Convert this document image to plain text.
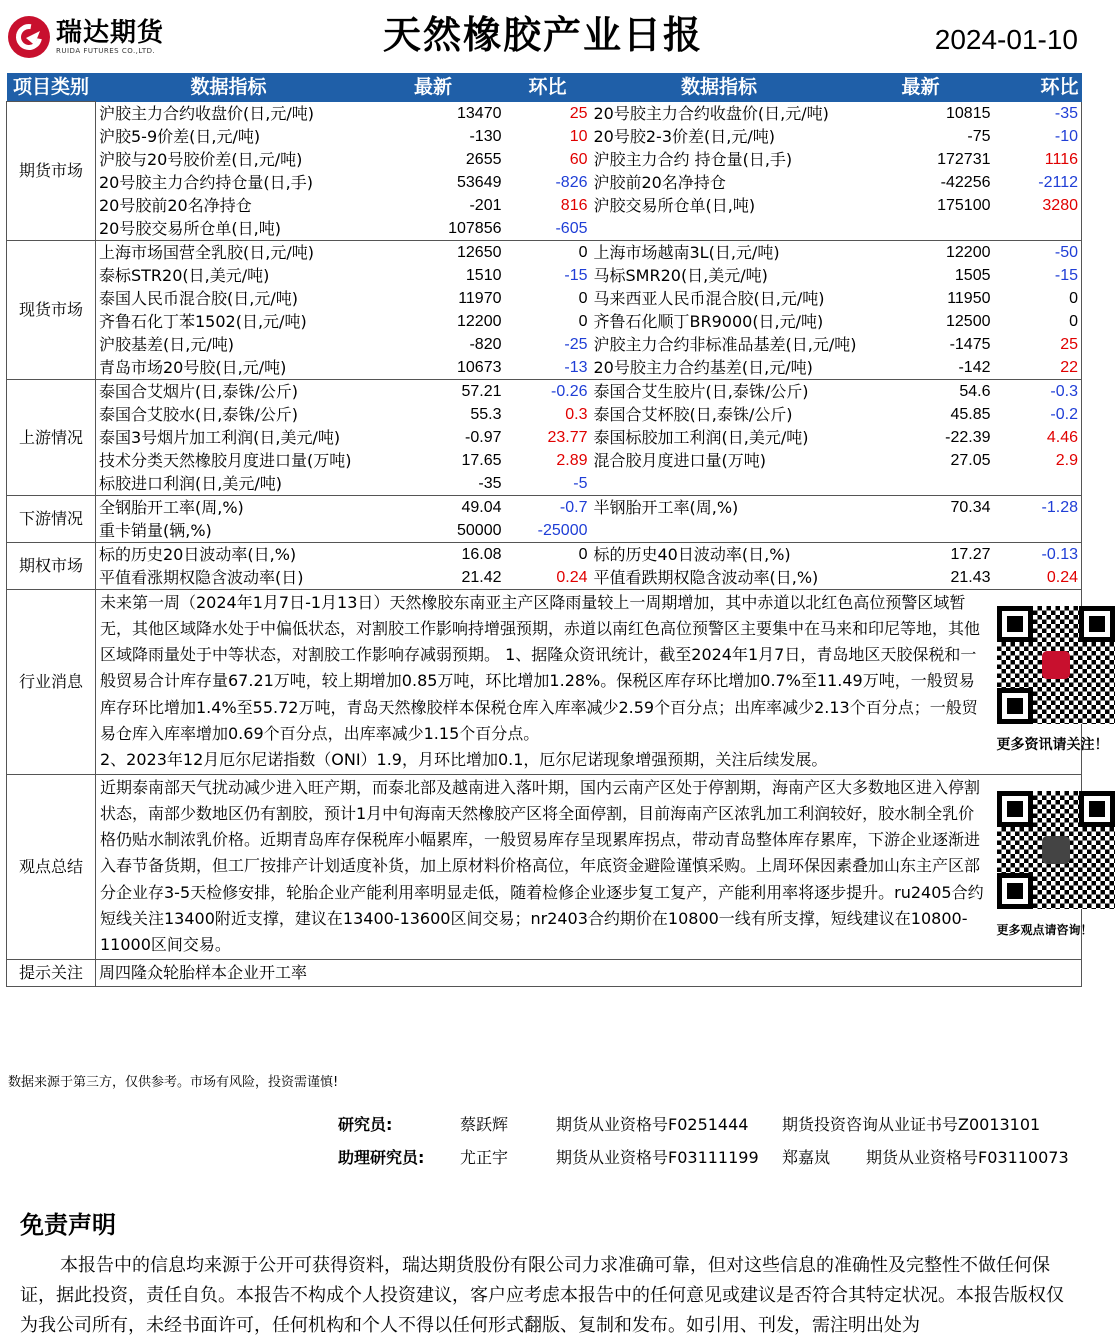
瑞达期货
RUIDA FUTURES CO.,LTD.	天然橡胶产业日报	2024-01-10
项目类别	数据指标	最新	环比	数据指标	最新	环比
期货市场	沪胶主力合约收盘价(日,元/吨)	13470	25	20号胶主力合约收盘价(日,元/吨)	10815	-35
	沪胶5-9价差(日,元/吨)	-130	10	20号胶2-3价差(日,元/吨)	-75	-10
	沪胶与20号胶价差(日,元/吨)	2655	60	沪胶主力合约 持仓量(日,手)	172731	1116
	20号胶主力合约持仓量(日,手)	53649	-826	沪胶前20名净持仓	-42256	-2112
	20号胶前20名净持仓	-201	816	沪胶交易所仓单(日,吨)	175100	3280
	20号胶交易所仓单(日,吨)	107856	-605			
现货市场	上海市场国营全乳胶(日,元/吨)	12650	0	上海市场越南3L(日,元/吨)	12200	-50
	泰标STR20(日,美元/吨)	1510	-15	马标SMR20(日,美元/吨)	1505	-15
	泰国人民币混合胶(日,元/吨)	11970	0	马来西亚人民币混合胶(日,元/吨)	11950	0
	齐鲁石化丁苯1502(日,元/吨)	12200	0	齐鲁石化顺丁BR9000(日,元/吨)	12500	0
	沪胶基差(日,元/吨)	-820	-25	沪胶主力合约非标准品基差(日,元/吨)	-1475	25
	青岛市场20号胶(日,元/吨)	10673	-13	20号胶主力合约基差(日,元/吨)	-142	22
上游情况	泰国合艾烟片(日,泰铢/公斤)	57.21	-0.26	泰国合艾生胶片(日,泰铢/公斤)	54.6	-0.3
	泰国合艾胶水(日,泰铢/公斤)	55.3	0.3	泰国合艾杯胶(日,泰铢/公斤)	45.85	-0.2
	泰国3号烟片加工利润(日,美元/吨)	-0.97	23.77	泰国标胶加工利润(日,美元/吨)	-22.39	4.46
	技术分类天然橡胶月度进口量(万吨)	17.65	2.89	混合胶月度进口量(万吨)	27.05	2.9
	标胶进口利润(日,美元/吨)	-35	-5			
下游情况	全钢胎开工率(周,%)	49.04	-0.7	半钢胎开工率(周,%)	70.34	-1.28
	重卡销量(辆,%)	50000	-25000			
期权市场	标的历史20日波动率(日,%)	16.08	0	标的历史40日波动率(日,%)	17.27	-0.13
	平值看涨期权隐含波动率(日)	21.42	0.24	平值看跌期权隐含波动率(日,%)	21.43	0.24
行业消息	未来第一周（2024年1月7日-1月13日）天然橡胶东南亚主产区降雨量较上一周期增加，其中赤道以北红色高位预警区域暂无，其他区域降水处于中偏低状态，对割胶工作影响持增强预期，赤道以南红色高位预警区主要集中在马来和印尼等地，其他区域降雨量处于中等状态，对割胶工作影响存减弱预期。 1、据隆众资讯统计，截至2024年1月7日，青岛地区天胶保税和一般贸易合计库存量67.21万吨，较上期增加0.85万吨，环比增加1.28%。保税区库存环比增加0.7%至11.49万吨，一般贸易库存环比增加1.4%至55.72万吨，青岛天然橡胶样本保税仓库入库率减少2.59个百分点；出库率减少2.13个百分点；一般贸易仓库入库率增加0.69个百分点，出库率减少1.15个百分点。
2、2023年12月厄尔尼诺指数（ONI）1.9，月环比增加0.1，厄尔尼诺现象增强预期，关注后续发展。					更多资讯请关注！

观点总结	近期泰南部天气扰动减少进入旺产期，而泰北部及越南进入落叶期，国内云南产区处于停割期，海南产区大多数地区进入停割状态，南部少数地区仍有割胶，预计1月中旬海南天然橡胶产区将全面停割，目前海南产区浓乳加工利润较好，胶水制全乳价格仍贴水制浓乳价格。近期青岛库存保税库小幅累库，一般贸易库存呈现累库拐点，带动青岛整体库存累库，下游企业逐渐进入春节备货期，但工厂按排产计划适度补货，加上原材料价格高位，年底资金避险谨慎采购。上周环保因素叠加山东主产区部分企业存3-5天检修安排，轮胎企业产能利用率明显走低，随着检修企业逐步复工复产，产能利用率将逐步提升。ru2405合约短线关注13400附近支撑，建议在13400-13600区间交易；nr2403合约期价在10800一线有所支撑，短线建议在10800-11000区间交易。					更多观点请咨询！

提示关注	周四隆众轮胎样本企业开工率					
数据来源于第三方，仅供参考。市场有风险，投资需谨慎!
研究员:	蔡跃辉	期货从业资格号F0251444 期货投资咨询从业证书号Z0013101
助理研究员: 尤正宇	期货从业资格号F03111199 郑嘉岚 期货从业资格号F03110073
免责声明
本报告中的信息均来源于公开可获得资料，瑞达期货股份有限公司力求准确可靠，但对这些信息的准确性及完整性不做任何保证，据此投资，责任自负。本报告不构成个人投资建议，客户应考虑本报告中的任何意见或建议是否符合其特定状况。本报告版权仅为我公司所有，未经书面许可，任何机构和个人不得以任何形式翻版、复制和发布。如引用、刊发，需注明出处为
